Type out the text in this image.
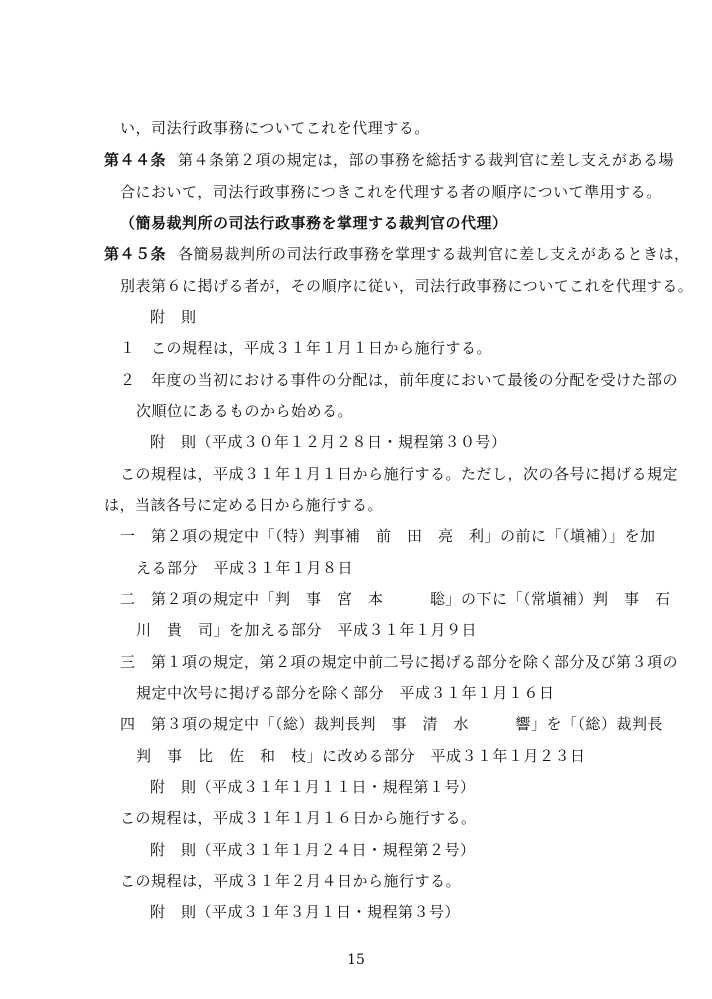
い，司法行政事務についてこれを代理する。
第４４条 第４条第２項の規定は，部の事務を総括する裁判官に差し支えがある場
合において，司法行政事務につきこれを代理する者の順序について準用する。
（簡易裁判所の司法行政事務を掌理する裁判官の代理）
第４５条 各簡易裁判所の司法行政事務を掌理する裁判官に差し支えがあるときは，
別表第６に掲げる者が，その順序に従い，司法行政事務についてこれを代理する。
附　則
１　この規程は，平成３１年１月１日から施行する。
２　年度の当初における事件の分配は，前年度において最後の分配を受けた部の
次順位にあるものから始める。
附　則（平成３０年１２月２８日・規程第３０号）
この規程は，平成３１年１月１日から施行する。ただし，次の各号に掲げる規定
は，当該各号に定める日から施行する。
一　第２項の規定中「（特）判事補　前　田　亮　利」の前に「（塡補）」を加
える部分　平成３１年１月８日
二　第２項の規定中「判　事　宮　本　　　聡」の下に「（常塡補）判　事　石
川　貴　司」を加える部分　平成３１年１月９日
三　第１項の規定，第２項の規定中前二号に掲げる部分を除く部分及び第３項の
規定中次号に掲げる部分を除く部分　平成３１年１月１６日
四　第３項の規定中「（総）裁判長判　事　清　水　　　響」を「（総）裁判長
判　事　比　佐　和　枝」に改める部分　平成３１年１月２３日
附　則（平成３１年１月１１日・規程第１号）
この規程は，平成３１年１月１６日から施行する。
附　則（平成３１年１月２４日・規程第２号）
この規程は，平成３１年２月４日から施行する。
附　則（平成３１年３月１日・規程第３号）
15
